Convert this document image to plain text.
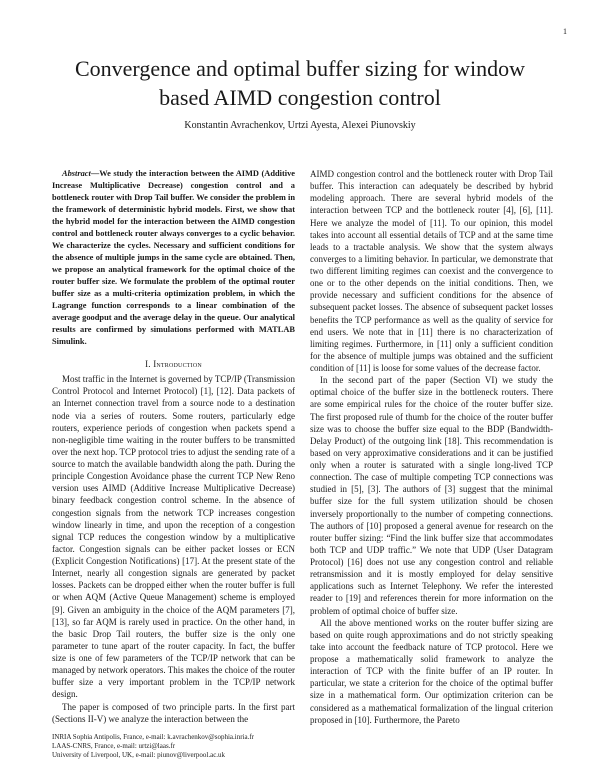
1
Convergence and optimal buffer sizing for window
based AIMD congestion control
Konstantin Avrachenkov, Urtzi Ayesta, Alexei Piunovskiy

Abstract—We study the interaction between the AIMD (Additive Increase Multiplicative Decrease) congestion control and a bottleneck router with Drop Tail buffer. We consider the problem in the framework of deterministic hybrid models. First, we show that the hybrid model for the interaction between the AIMD congestion control and bottleneck router always converges to a cyclic behavior. We characterize the cycles. Necessary and sufficient conditions for the absence of multiple jumps in the same cycle are obtained. Then, we propose an analytical framework for the optimal choice of the router buffer size. We formulate the problem of the optimal router buffer size as a multi-criteria optimization problem, in which the Lagrange function corresponds to a linear combination of the average goodput and the average delay in the queue. Our analytical results are confirmed by simulations performed with MATLAB Simulink.

I. Introduction

Most traffic in the Internet is governed by TCP/IP (Transmission Control Protocol and Internet Protocol) [1], [12]. Data packets of an Internet connection travel from a source node to a destination node via a series of routers. Some routers, particularly edge routers, experience periods of congestion when packets spend a non-negligible time waiting in the router buffers to be transmitted over the next hop. TCP protocol tries to adjust the sending rate of a source to match the available bandwidth along the path. During the principle Congestion Avoidance phase the current TCP New Reno version uses AIMD (Additive Increase Multiplicative Decrease) binary feedback congestion control scheme. In the absence of congestion signals from the network TCP increases congestion window linearly in time, and upon the reception of a congestion signal TCP reduces the congestion window by a multiplicative factor. Congestion signals can be either packet losses or ECN (Explicit Congestion Notifications) [17]. At the present state of the Internet, nearly all congestion signals are generated by packet losses. Packets can be dropped either when the router buffer is full or when AQM (Active Queue Management) scheme is employed [9]. Given an ambiguity in the choice of the AQM parameters [7], [13], so far AQM is rarely used in practice. On the other hand, in the basic Drop Tail routers, the buffer size is the only one parameter to tune apart of the router capacity. In fact, the buffer size is one of few parameters of the TCP/IP network that can be managed by network operators. This makes the choice of the router buffer size a very important problem in the TCP/IP network design.

The paper is composed of two principle parts. In the first part (Sections II-V) we analyze the interaction between the

AIMD congestion control and the bottleneck router with Drop Tail buffer. This interaction can adequately be described by hybrid modeling approach. There are several hybrid models of the interaction between TCP and the bottleneck router [4], [6], [11]. Here we analyze the model of [11]. To our opinion, this model takes into account all essential details of TCP and at the same time leads to a tractable analysis. We show that the system always converges to a limiting behavior. In particular, we demonstrate that two different limiting regimes can coexist and the convergence to one or to the other depends on the initial conditions. Then, we provide necessary and sufficient conditions for the absence of subsequent packet losses. The absence of subsequent packet losses benefits the TCP performance as well as the quality of service for end users. We note that in [11] there is no characterization of limiting regimes. Furthermore, in [11] only a sufficient condition for the absence of multiple jumps was obtained and the sufficient condition of [11] is loose for some values of the decrease factor.

In the second part of the paper (Section VI) we study the optimal choice of the buffer size in the bottleneck routers. There are some empirical rules for the choice of the router buffer size. The first proposed rule of thumb for the choice of the router buffer size was to choose the buffer size equal to the BDP (Bandwidth-Delay Product) of the outgoing link [18]. This recommendation is based on very approximative considerations and it can be justified only when a router is saturated with a single long-lived TCP connection. The case of multiple competing TCP connections was studied in [5], [3]. The authors of [3] suggest that the minimal buffer size for the full system utilization should be chosen inversely proportionally to the number of competing connections. The authors of [10] proposed a general avenue for research on the router buffer sizing: “Find the link buffer size that accommodates both TCP and UDP traffic.” We note that UDP (User Datagram Protocol) [16] does not use any congestion control and reliable retransmission and it is mostly employed for delay sensitive applications such as Internet Telephony. We refer the interested reader to [19] and references therein for more information on the problem of optimal choice of buffer size.

All the above mentioned works on the router buffer sizing are based on quite rough approximations and do not strictly speaking take into account the feedback nature of TCP protocol. Here we propose a mathematically solid framework to analyze the interaction of TCP with the finite buffer of an IP router. In particular, we state a criterion for the choice of the optimal buffer size in a mathematical form. Our optimization criterion can be considered as a mathematical formalization of the lingual criterion proposed in [10]. Furthermore, the Pareto

INRIA Sophia Antipolis, France, e-mail: k.avrachenkov@sophia.inria.fr
LAAS-CNRS, France, e-mail: urtzi@laas.fr
University of Liverpool, UK, e-mail: piunov@liverpool.ac.uk
